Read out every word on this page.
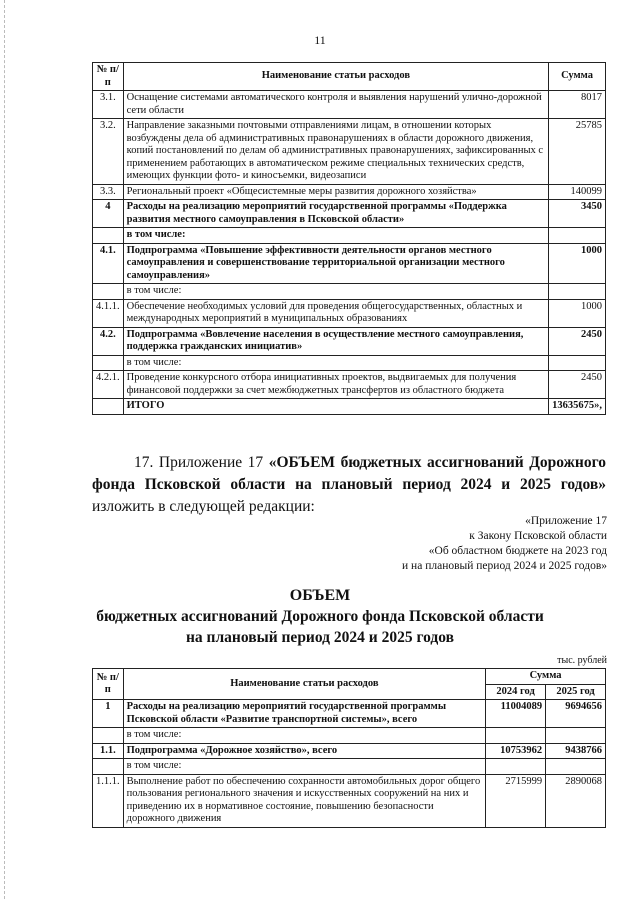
11
№ п/п	Наименование статьи расходов	Сумма
3.1.	Оснащение системами автоматического контроля и выявления нарушений улично-дорожной сети области	8017
3.2.	Направление заказными почтовыми отправлениями лицам, в отношении которых возбуждены дела об административных правонарушениях в области дорожного движения, копий постановлений по делам об административных правонарушениях, зафиксированных с применением работающих в автоматическом режиме специальных технических средств, имеющих функции фото- и киносъемки, видеозаписи	25785
3.3.	Региональный проект «Общесистемные меры развития дорожного хозяйства»	140099
4	Расходы на реализацию мероприятий государственной программы «Поддержка развития местного самоуправления в Псковской области»	3450
	в том числе:	
4.1.	Подпрограмма «Повышение эффективности деятельности органов местного самоуправления и совершенствование территориальной организации местного самоуправления»	1000
	в том числе:	
4.1.1.	Обеспечение необходимых условий для проведения общегосударственных, областных и международных мероприятий в муниципальных образованиях	1000
4.2.	Подпрограмма «Вовлечение населения в осуществление местного самоуправления, поддержка гражданских инициатив»	2450
	в том числе:	
4.2.1.	Проведение конкурсного отбора инициативных проектов, выдвигаемых для получения финансовой поддержки за счет межбюджетных трансфертов из областного бюджета	2450
	ИТОГО	13635675»,
17. Приложение 17 «ОБЪЕМ бюджетных ассигнований Дорожного фонда Псковской области на плановый период 2024 и 2025 годов» изложить в следующей редакции:
«Приложение 17
к Закону Псковской области
«Об областном бюджете на 2023 год
и на плановый период 2024 и 2025 годов»
ОБЪЕМ
бюджетных ассигнований Дорожного фонда Псковской области
на плановый период 2024 и 2025 годов
тыс. рублей
№ п/п	Наименование статьи расходов	Сумма	
		2024 год	2025 год
1	Расходы на реализацию мероприятий государственной программы Псковской области «Развитие транспортной системы», всего	11004089	9694656
	в том числе:		
1.1.	Подпрограмма «Дорожное хозяйство», всего	10753962	9438766
	в том числе:		
1.1.1.	Выполнение работ по обеспечению сохранности автомобильных дорог общего пользования регионального значения и искусственных сооружений на них и приведению их в нормативное состояние, повышению безопасности дорожного движения	2715999	2890068
